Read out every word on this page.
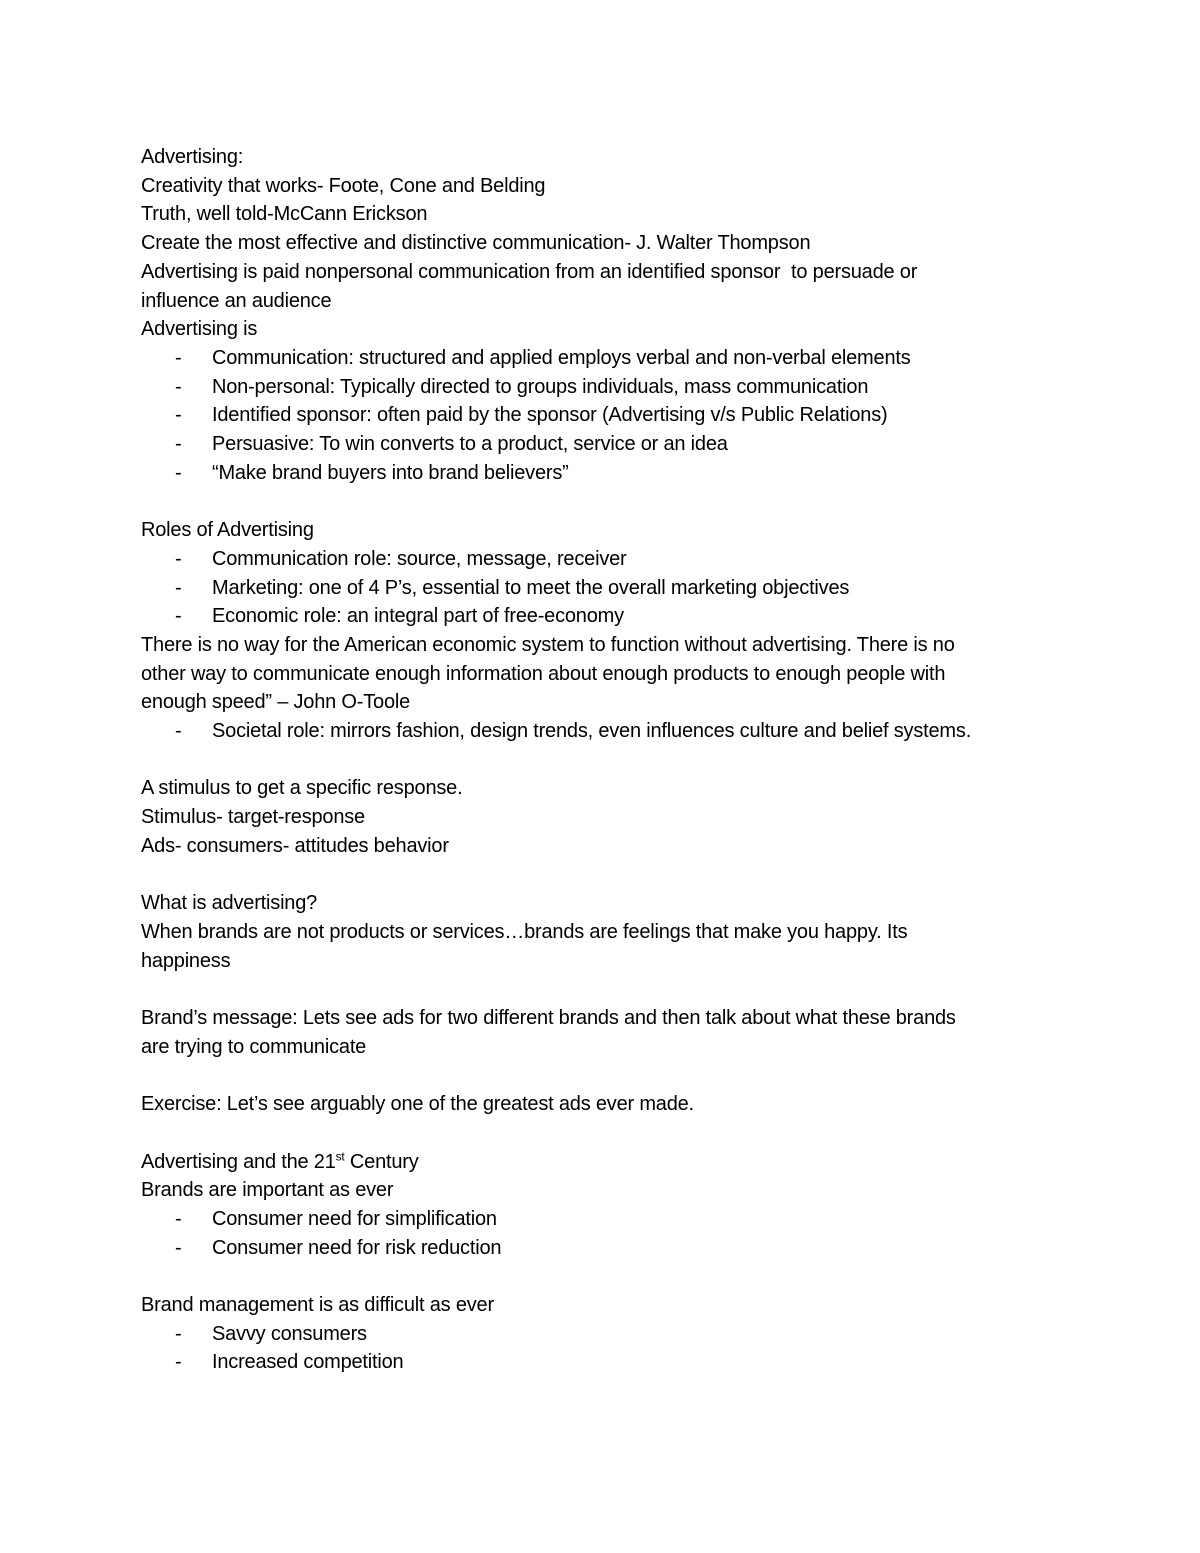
Advertising:
Creativity that works- Foote, Cone and Belding
Truth, well told-McCann Erickson
Create the most effective and distinctive communication- J. Walter Thompson
Advertising is paid nonpersonal communication from an identified sponsor  to persuade or
influence an audience
Advertising is
-	Communication: structured and applied employs verbal and non-verbal elements
-	Non-personal: Typically directed to groups individuals, mass communication
-	Identified sponsor: often paid by the sponsor (Advertising v/s Public Relations)
-	Persuasive: To win converts to a product, service or an idea
-	“Make brand buyers into brand believers”
Roles of Advertising
-	Communication role: source, message, receiver
-	Marketing: one of 4 P’s, essential to meet the overall marketing objectives
-	Economic role: an integral part of free-economy
There is no way for the American economic system to function without advertising. There is no
other way to communicate enough information about enough products to enough people with
enough speed” – John O-Toole
-	Societal role: mirrors fashion, design trends, even influences culture and belief systems.
A stimulus to get a specific response.
Stimulus- target-response
Ads- consumers- attitudes behavior
What is advertising?
When brands are not products or services…brands are feelings that make you happy. Its
happiness
Brand’s message: Lets see ads for two different brands and then talk about what these brands
are trying to communicate
Exercise: Let’s see arguably one of the greatest ads ever made.
Advertising and the 21st Century
Brands are important as ever
-	Consumer need for simplification
-	Consumer need for risk reduction
Brand management is as difficult as ever
-	Savvy consumers
-	Increased competition
